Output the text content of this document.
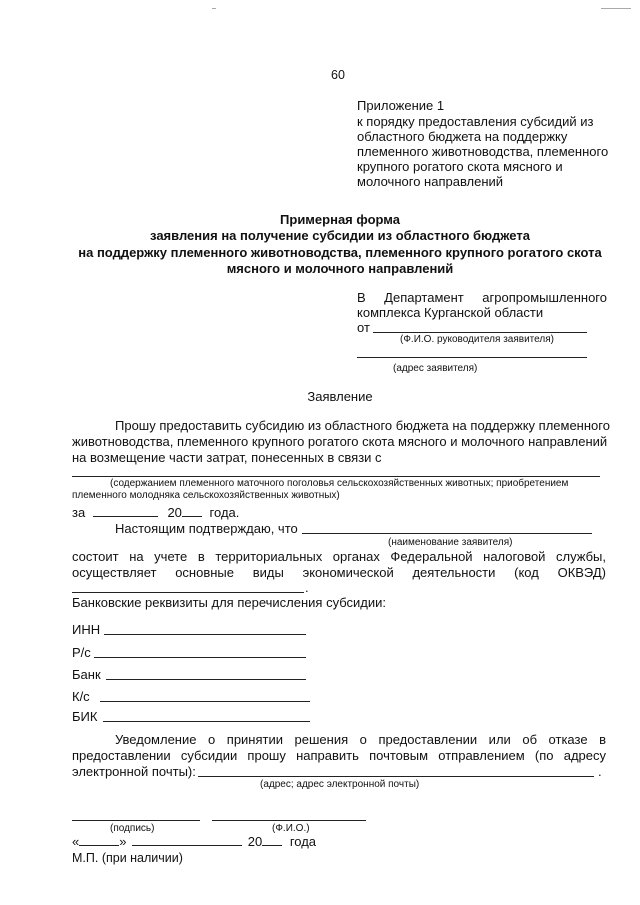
60
Приложение 1
к порядку предоставления субсидий из
областного бюджета на поддержку
племенного животноводства, племенного
крупного рогатого скота мясного и
молочного направлений
Примерная форма
заявления на получение субсидии из областного бюджета
на поддержку племенного животноводства, племенного крупного рогатого скота
мясного и молочного направлений
В Департамент агропромышленного
комплекса Курганской области
от
(Ф.И.О. руководителя заявителя)
(адрес заявителя)
Заявление
Прошу предоставить субсидию из областного бюджета на поддержку племенного
животноводства, племенного крупного рогатого скота мясного и молочного направлений
на возмещение части затрат, понесенных в связи с
(содержанием племенного маточного поголовья сельскохозяйственных животных; приобретением
племенного молодняка сельскохозяйственных животных)
за	20 года.
Настоящим подтверждаю, что
(наименование заявителя)
состоит на учете в территориальных органах Федеральной налоговой службы,
осуществляет основные виды экономической деятельности (код ОКВЭД)
.
Банковские реквизиты для перечисления субсидии:
ИНН
Р/с
Банк
К/с
БИК
Уведомление о принятии решения о предоставлении или об отказе в
предоставлении субсидии прошу направить почтовым отправлением (по адресу
электронной почты):	.
(адрес; адрес электронной почты)
(подпись)	(Ф.И.О.)
«	»	20 года
М.П. (при наличии)
